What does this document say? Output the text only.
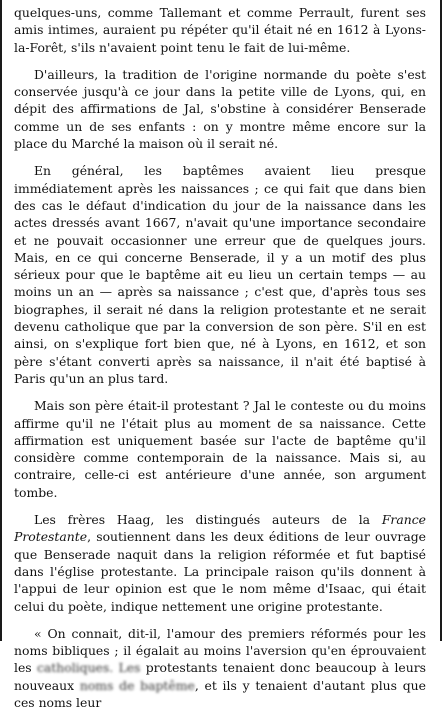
quelques-uns, comme Tallemant et comme Perrault, furent ses amis intimes, auraient pu répéter qu'il était né en 1612 à Lyons-la-Forêt, s'ils n'avaient point tenu le fait de lui-même.

D'ailleurs, la tradition de l'origine normande du poète s'est conservée jusqu'à ce jour dans la petite ville de Lyons, qui, en dépit des affirmations de Jal, s'obstine à considérer Benserade comme un de ses enfants : on y montre même encore sur la place du Marché la maison où il serait né.

En général, les baptêmes avaient lieu presque immédiatement après les naissances ; ce qui fait que dans bien des cas le défaut d'indication du jour de la naissance dans les actes dressés avant 1667, n'avait qu'une importance secondaire et ne pouvait occasionner une erreur que de quelques jours. Mais, en ce qui concerne Benserade, il y a un motif des plus sérieux pour que le baptême ait eu lieu un certain temps — au moins un an — après sa naissance ; c'est que, d'après tous ses biographes, il serait né dans la religion protestante et ne serait devenu catholique que par la conversion de son père. S'il en est ainsi, on s'explique fort bien que, né à Lyons, en 1612, et son père s'étant converti après sa naissance, il n'ait été baptisé à Paris qu'un an plus tard.

Mais son père était-il protestant ? Jal le conteste ou du moins affirme qu'il ne l'était plus au moment de sa naissance. Cette affirmation est uniquement basée sur l'acte de baptême qu'il considère comme contemporain de la naissance. Mais si, au contraire, celle-ci est antérieure d'une année, son argument tombe.

Les frères Haag, les distingués auteurs de la France Protestante, soutiennent dans les deux éditions de leur ouvrage que Benserade naquit dans la religion réformée et fut baptisé dans l'église protestante. La principale raison qu'ils donnent à l'appui de leur opinion est que le nom même d'Isaac, qui était celui du poète, indique nettement une origine protestante.

« On connait, dit-il, l'amour des premiers réformés pour les noms bibliques ; il égalait au moins l'aversion qu'en éprouvaient les catholiques. Les protestants tenaient donc beaucoup à leurs nouveaux noms de baptême, et ils y tenaient d'autant plus que ces noms leur
